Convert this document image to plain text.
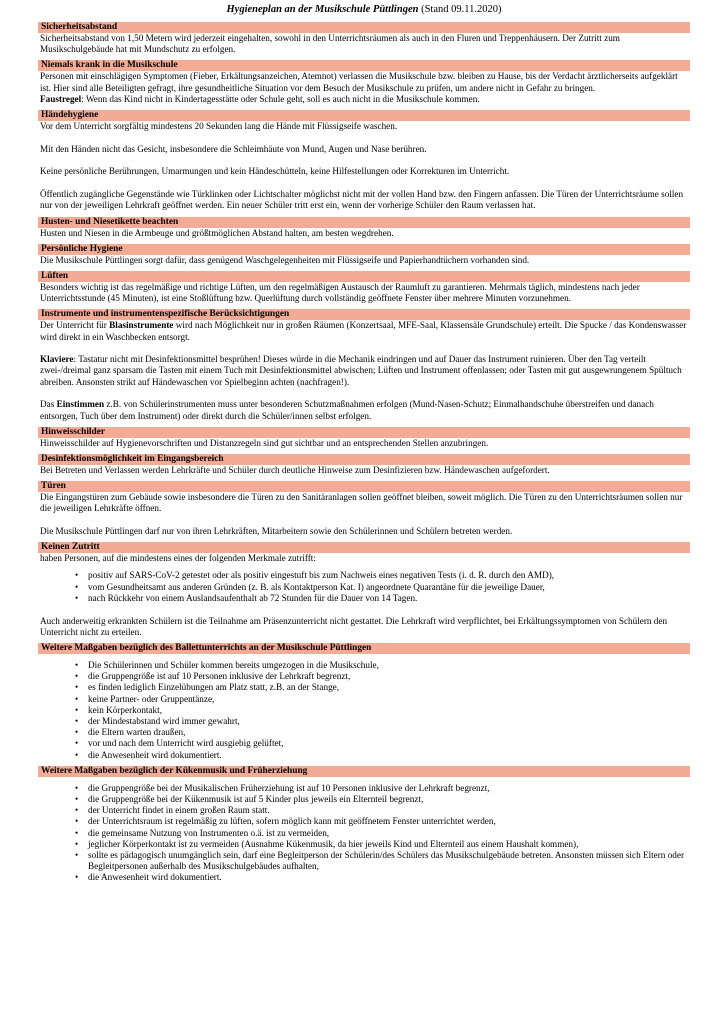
Hygieneplan an der Musikschule Püttlingen (Stand 09.11.2020)
Sicherheitsabstand

Sicherheitsabstand von 1,50 Metern wird jederzeit eingehalten, sowohl in den Unterrichtsräumen als auch in den Fluren und Treppenhäusern. Der Zutritt zum Musikschulgebäude hat mit Mundschutz zu erfolgen.

Niemals krank in die Musikschule

Personen mit einschlägigen Symptomen (Fieber, Erkältungsanzeichen, Atemnot) verlassen die Musikschule bzw. bleiben zu Hause, bis der Verdacht ärztlicherseits aufgeklärt ist. Hier sind alle Beteiligten gefragt, ihre gesundheitliche Situation vor dem Besuch der Musikschule zu prüfen, um andere nicht in Gefahr zu bringen.

Faustregel: Wenn das Kind nicht in Kindertagesstätte oder Schule geht, soll es auch nicht in die Musikschule kommen.

Händehygiene

Vor dem Unterricht sorgfältig mindestens 20 Sekunden lang die Hände mit Flüssigseife waschen.

Mit den Händen nicht das Gesicht, insbesondere die Schleimhäute von Mund, Augen und Nase berühren.

Keine persönliche Berührungen, Umarmungen und kein Händeschütteln, keine Hilfestellungen oder Korrekturen im Unterricht.

Öffentlich zugängliche Gegenstände wie Türklinken oder Lichtschalter möglichst nicht mit der vollen Hand bzw. den Fingern anfassen. Die Türen der Unterrichtsräume sollen nur von der jeweiligen Lehrkraft geöffnet werden. Ein neuer Schüler tritt erst ein, wenn der vorherige Schüler den Raum verlassen hat.

Husten- und Niesetikette beachten

Husten und Niesen in die Armbeuge und größtmöglichen Abstand halten, am besten wegdrehen.

Persönliche Hygiene

Die Musikschule Püttlingen sorgt dafür, dass genügend Waschgelegenheiten mit Flüssigseife und Papierhandtüchern vorhanden sind.

Lüften

Besonders wichtig ist das regelmäßige und richtige Lüften, um den regelmäßigen Austausch der Raumluft zu garantieren. Mehrmals täglich, mindestens nach jeder Unterrichtsstunde (45 Minuten), ist eine Stoßlüftung bzw. Querlüftung durch vollständig geöffnete Fenster über mehrere Minuten vorzunehmen.

Instrumente und instrumentenspezifische Berücksichtigungen

Der Unterricht für Blasinstrumente wird nach Möglichkeit nur in großen Räumen (Konzertsaal, MFE-Saal, Klassensäle Grundschule) erteilt. Die Spucke / das Kondenswasser wird direkt in ein Waschbecken entsorgt.

Klaviere: Tastatur nicht mit Desinfektionsmittel besprühen! Dieses würde in die Mechanik eindringen und auf Dauer das Instrument ruinieren. Über den Tag verteilt zwei-/dreimal ganz sparsam die Tasten mit einem Tuch mit Desinfektionsmittel abwischen; Lüften und Instrument offenlassen; oder Tasten mit gut ausgewrungenem Spültuch abreiben. Ansonsten strikt auf Händewaschen vor Spielbeginn achten (nachfragen!).

Das Einstimmen z.B. von Schülerinstrumenten muss unter besonderen Schutzmaßnahmen erfolgen (Mund-Nasen-Schutz; Einmalhandschuhe überstreifen und danach entsorgen, Tuch über dem Instrument) oder direkt durch die Schüler/innen selbst erfolgen.

Hinweisschilder

Hinweisschilder auf Hygienevorschriften und Distanzregeln sind gut sichtbar und an entsprechenden Stellen anzubringen.

Desinfektionsmöglichkeit im Eingangsbereich

Bei Betreten und Verlassen werden Lehrkräfte und Schüler durch deutliche Hinweise zum Desinfizieren bzw. Händewaschen aufgefordert.

Türen

Die Eingangstüren zum Gebäude sowie insbesondere die Türen zu den Sanitäranlagen sollen geöffnet bleiben, soweit möglich. Die Türen zu den Unterrichtsräumen sollen nur die jeweiligen Lehrkräfte öffnen.

Die Musikschule Püttlingen darf nur von ihren Lehrkräften, Mitarbeitern sowie den Schülerinnen und Schülern betreten werden.

Keinen Zutritt

haben Personen, auf die mindestens eines der folgenden Merkmale zutrifft:

• positiv auf SARS-CoV-2 getestet oder als positiv eingestuft bis zum Nachweis eines negativen Tests (i. d. R. durch den AMD),
• vom Gesundheitsamt aus anderen Gründen (z. B. als Kontaktperson Kat. I) angeordnete Quarantäne für die jeweilige Dauer,
• nach Rückkehr von einem Auslandsaufenthalt ab 72 Stunden für die Dauer von 14 Tagen.

Auch anderweitig erkrankten Schülern ist die Teilnahme am Präsenzunterricht nicht gestattet. Die Lehrkraft wird verpflichtet, bei Erkältungssymptomen von Schülern den Unterricht nicht zu erteilen.

Weitere Maßgaben bezüglich des Ballettunterrichts an der Musikschule Püttlingen
• Die Schülerinnen und Schüler kommen bereits umgezogen in die Musikschule,
• die Gruppengröße ist auf 10 Personen inklusive der Lehrkraft begrenzt,
• es finden lediglich Einzelübungen am Platz statt, z.B. an der Stange,
• keine Partner- oder Gruppentänze,
• kein Körperkontakt,
• der Mindestabstand wird immer gewahrt,
• die Eltern warten draußen,
• vor und nach dem Unterricht wird ausgiebig gelüftet,
• die Anwesenheit wird dokumentiert.
Weitere Maßgaben bezüglich der Kükenmusik und Früherziehung
• die Gruppengröße bei der Musikalischen Früherziehung ist auf 10 Personen inklusive der Lehrkraft begrenzt,
• die Gruppengröße bei der Kükenmusik ist auf 5 Kinder plus jeweils ein Elternteil begrenzt,
• der Unterricht findet in einem großen Raum statt.
• der Unterrichtsraum ist regelmäßig zu lüften, sofern möglich kann mit geöffnetem Fenster unterrichtet werden,
• die gemeinsame Nutzung von Instrumenten o.ä. ist zu vermeiden,
• jeglicher Körperkontakt ist zu vermeiden (Ausnahme Kükenmusik, da hier jeweils Kind und Elternteil aus einem Haushalt kommen),
• sollte es pädagogisch unumgänglich sein, darf eine Begleitperson der Schülerin/des Schülers das Musikschulgebäude betreten. Ansonsten müssen sich Eltern oder Begleitpersonen außerhalb des Musikschulgebäudes aufhalten,
• die Anwesenheit wird dokumentiert.
